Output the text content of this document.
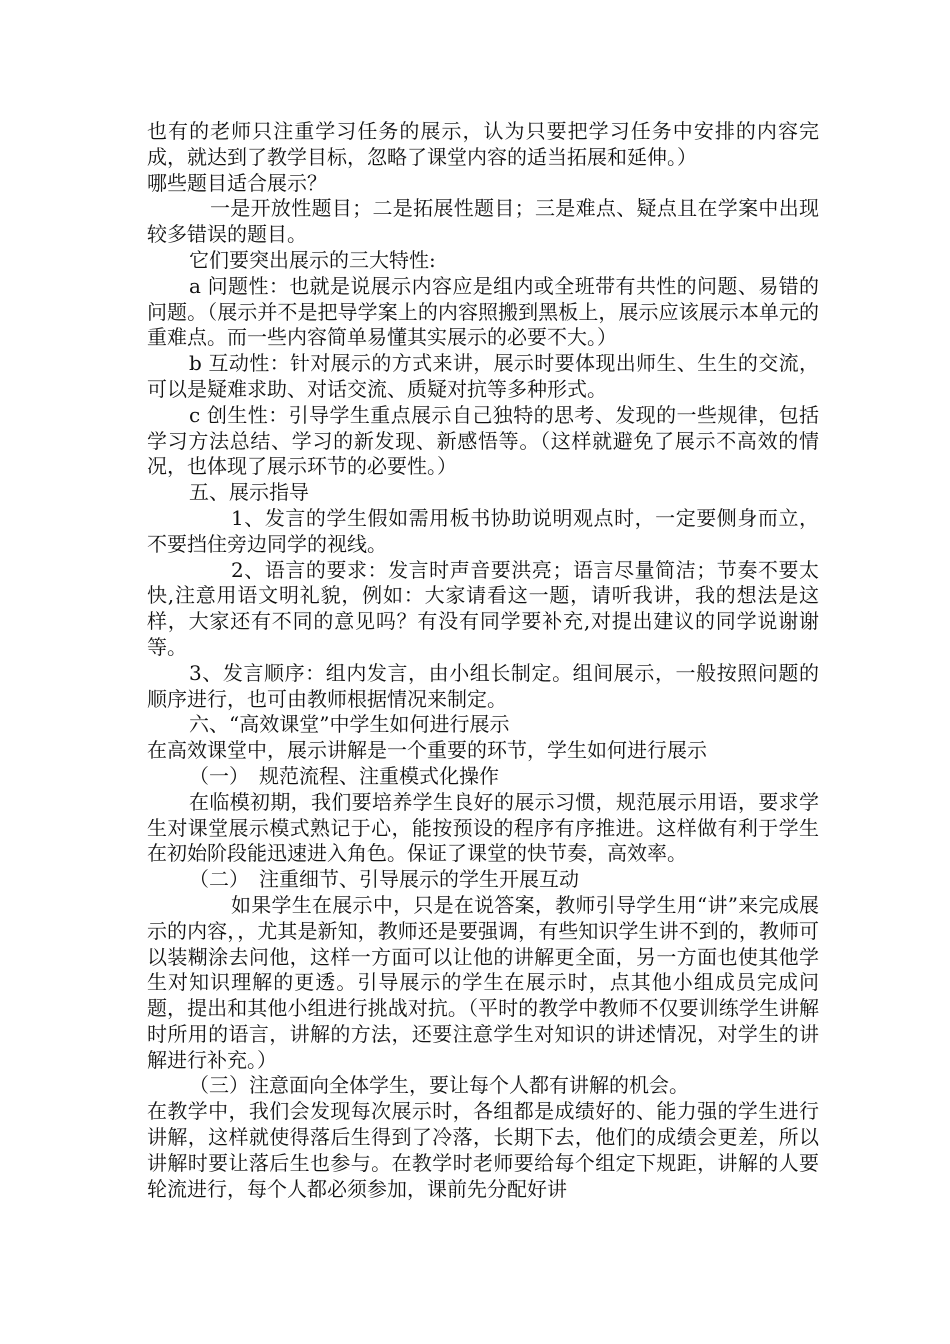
也有的老师只注重学习任务的展示，认为只要把学习任务中安排的内容完成，就达到了教学目标，忽略了课堂内容的适当拓展和延伸。）

哪些题目适合展示？

一是开放性题目；二是拓展性题目；三是难点、疑点且在学案中出现较多错误的题目。

它们要突出展示的三大特性:

a 问题性：也就是说展示内容应是组内或全班带有共性的问题、易错的问题。（展示并不是把导学案上的内容照搬到黑板上，展示应该展示本单元的重难点。而一些内容简单易懂其实展示的必要不大。）

b 互动性：针对展示的方式来讲，展示时要体现出师生、生生的交流，可以是疑难求助、对话交流、质疑对抗等多种形式。

c 创生性：引导学生重点展示自己独特的思考、发现的一些规律，包括学习方法总结、学习的新发现、新感悟等。（这样就避免了展示不高效的情况，也体现了展示环节的必要性。）

五、展示指导

1、发言的学生假如需用板书协助说明观点时，一定要侧身而立，不要挡住旁边同学的视线。

2、语言的要求：发言时声音要洪亮；语言尽量简洁；节奏不要太快,注意用语文明礼貌，例如：大家请看这一题，请听我讲，我的想法是这样，大家还有不同的意见吗？有没有同学要补充,对提出建议的同学说谢谢等。

3、发言顺序：组内发言，由小组长制定。组间展示，一般按照问题的顺序进行，也可由教师根据情况来制定。

六、“高效课堂”中学生如何进行展示

在高效课堂中，展示讲解是一个重要的环节，学生如何进行展示

（一）　规范流程、注重模式化操作

在临模初期，我们要培养学生良好的展示习惯，规范展示用语，要求学生对课堂展示模式熟记于心，能按预设的程序有序推进。这样做有利于学生在初始阶段能迅速进入角色。保证了课堂的快节奏，高效率。

（二）　注重细节、引导展示的学生开展互动

如果学生在展示中，只是在说答案，教师引导学生用“讲”来完成展示的内容，，尤其是新知，教师还是要强调，有些知识学生讲不到的，教师可以装糊涂去问他，这样一方面可以让他的讲解更全面，另一方面也使其他学生对知识理解的更透。引导展示的学生在展示时，点其他小组成员完成问题，提出和其他小组进行挑战对抗。（平时的教学中教师不仅要训练学生讲解时所用的语言，讲解的方法，还要注意学生对知识的讲述情况，对学生的讲解进行补充。）

（三）注意面向全体学生，要让每个人都有讲解的机会。

在教学中，我们会发现每次展示时，各组都是成绩好的、能力强的学生进行讲解，这样就使得落后生得到了冷落，长期下去，他们的成绩会更差，所以讲解时要让落后生也参与。在教学时老师要给每个组定下规距，讲解的人要轮流进行，每个人都必须参加，课前先分配好讲
